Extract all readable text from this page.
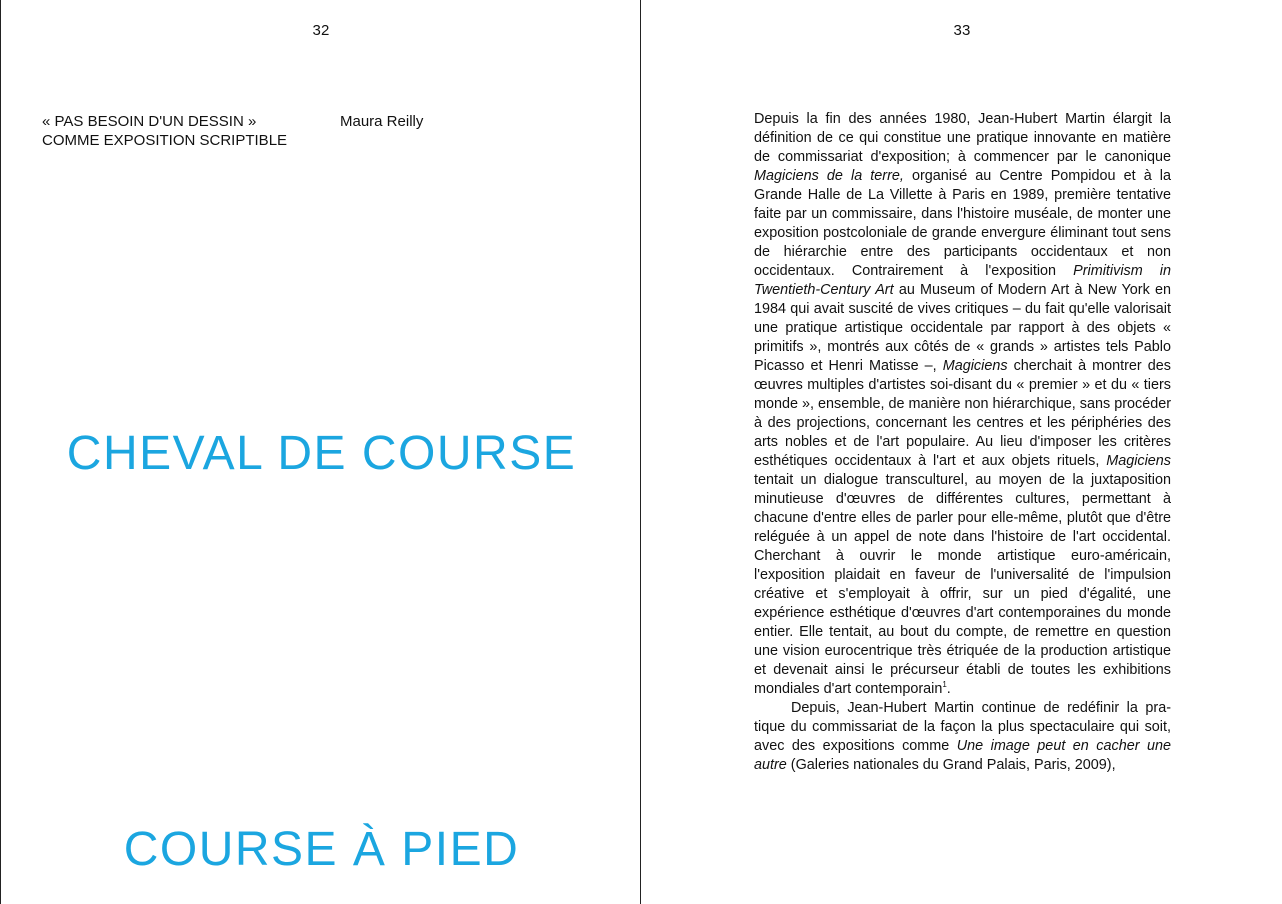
32
« PAS BESOIN D'UN DESSIN »
COMME EXPOSITION SCRIPTIBLE
Maura Reilly
CHEVAL DE COURSE
COURSE À PIED
33

Depuis la fin des années 1980, Jean-Hubert Martin élargit la définition de ce qui constitue une pratique innovante en matière de commissariat d'exposition; à commencer par le canonique Magiciens de la terre, organisé au Centre Pompidou et à la Grande Halle de La Villette à Paris en 1989, première tentative faite par un commissaire, dans l'histoire muséale, de monter une exposition postcoloniale de grande envergure éliminant tout sens de hiérarchie entre des participants occidentaux et non occidentaux. Contrairement à l'exposition Primitivism in Twentieth-Century Art au Museum of Modern Art à New York en 1984 qui avait suscité de vives critiques – du fait qu'elle valorisait une pratique artistique occidentale par rapport à des objets « primitifs », montrés aux côtés de « grands » artistes tels Pablo Picasso et Henri Matisse –, Magiciens cherchait à montrer des œuvres multiples d'artistes soi-disant du « premier » et du « tiers monde », ensemble, de manière non hiérarchique, sans procéder à des projections, concernant les centres et les périphéries des arts nobles et de l'art populaire. Au lieu d'imposer les critères esthétiques occidentaux à l'art et aux objets rituels, Magiciens tentait un dialogue transculturel, au moyen de la juxtaposition minutieuse d'œuvres de différentes cultures, permettant à chacune d'entre elles de parler pour elle-même, plutôt que d'être reléguée à un appel de note dans l'histoire de l'art occidental. Cherchant à ouvrir le monde artistique euro-américain, l'exposition plaidait en faveur de l'universalité de l'impulsion créative et s'employait à offrir, sur un pied d'égalité, une expérience esthétique d'œuvres d'art contemporaines du monde entier. Elle tentait, au bout du compte, de remettre en question une vision eurocentrique très étriquée de la production artistique et devenait ainsi le précurseur établi de toutes les exhibitions mondiales d'art contemporain$^1$.

Depuis, Jean-Hubert Martin continue de redéfinir la pratique du commissariat de la façon la plus spectaculaire qui soit, avec des expositions comme Une image peut en cacher une autre (Galeries nationales du Grand Palais, Paris, 2009),
